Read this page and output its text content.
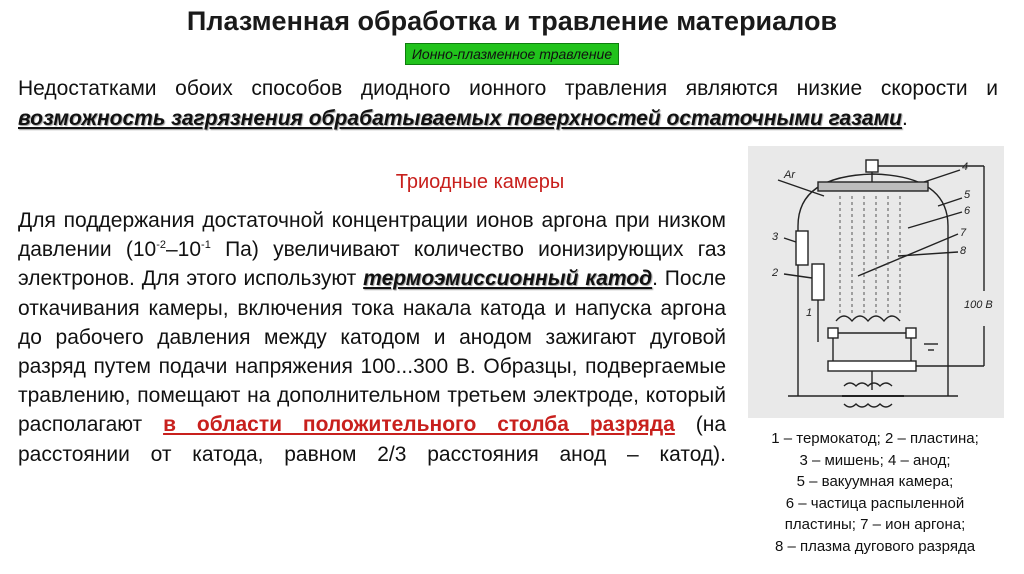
Плазменная обработка и травление материалов
Ионно-плазменное травление
Недостатками обоих способов диодного ионного травления являются низкие скорости и возможность загрязнения обрабатываемых поверхностей остаточными газами.
Триодные камеры
Для поддержания достаточной концентрации ионов аргона при низком давлении ($10^{-2}-10^{-1}$ Па) увеличивают количество ионизирующих газ электронов. Для этого используют термоэмиссионный катод. После откачивания камеры, включения тока накала катода и напуска аргона до рабочего давления между катодом и анодом зажигают дуговой разряд путем подачи напряжения 100...300 В. Образцы, подвергаемые травлению, помещают на дополнительном третьем электроде, который располагают в области положительного столба разряда (на расстоянии от катода, равном 2/3 расстояния анод – катод).
Ar
4
5
6
7
8
3
2
1
100 В
1 – термокатод; 2 – пластина;
3 – мишень; 4 – анод;
5 – вакуумная камера;
6 – частица распыленной
пластины; 7 – ион аргона;
8 – плазма дугового разряда
